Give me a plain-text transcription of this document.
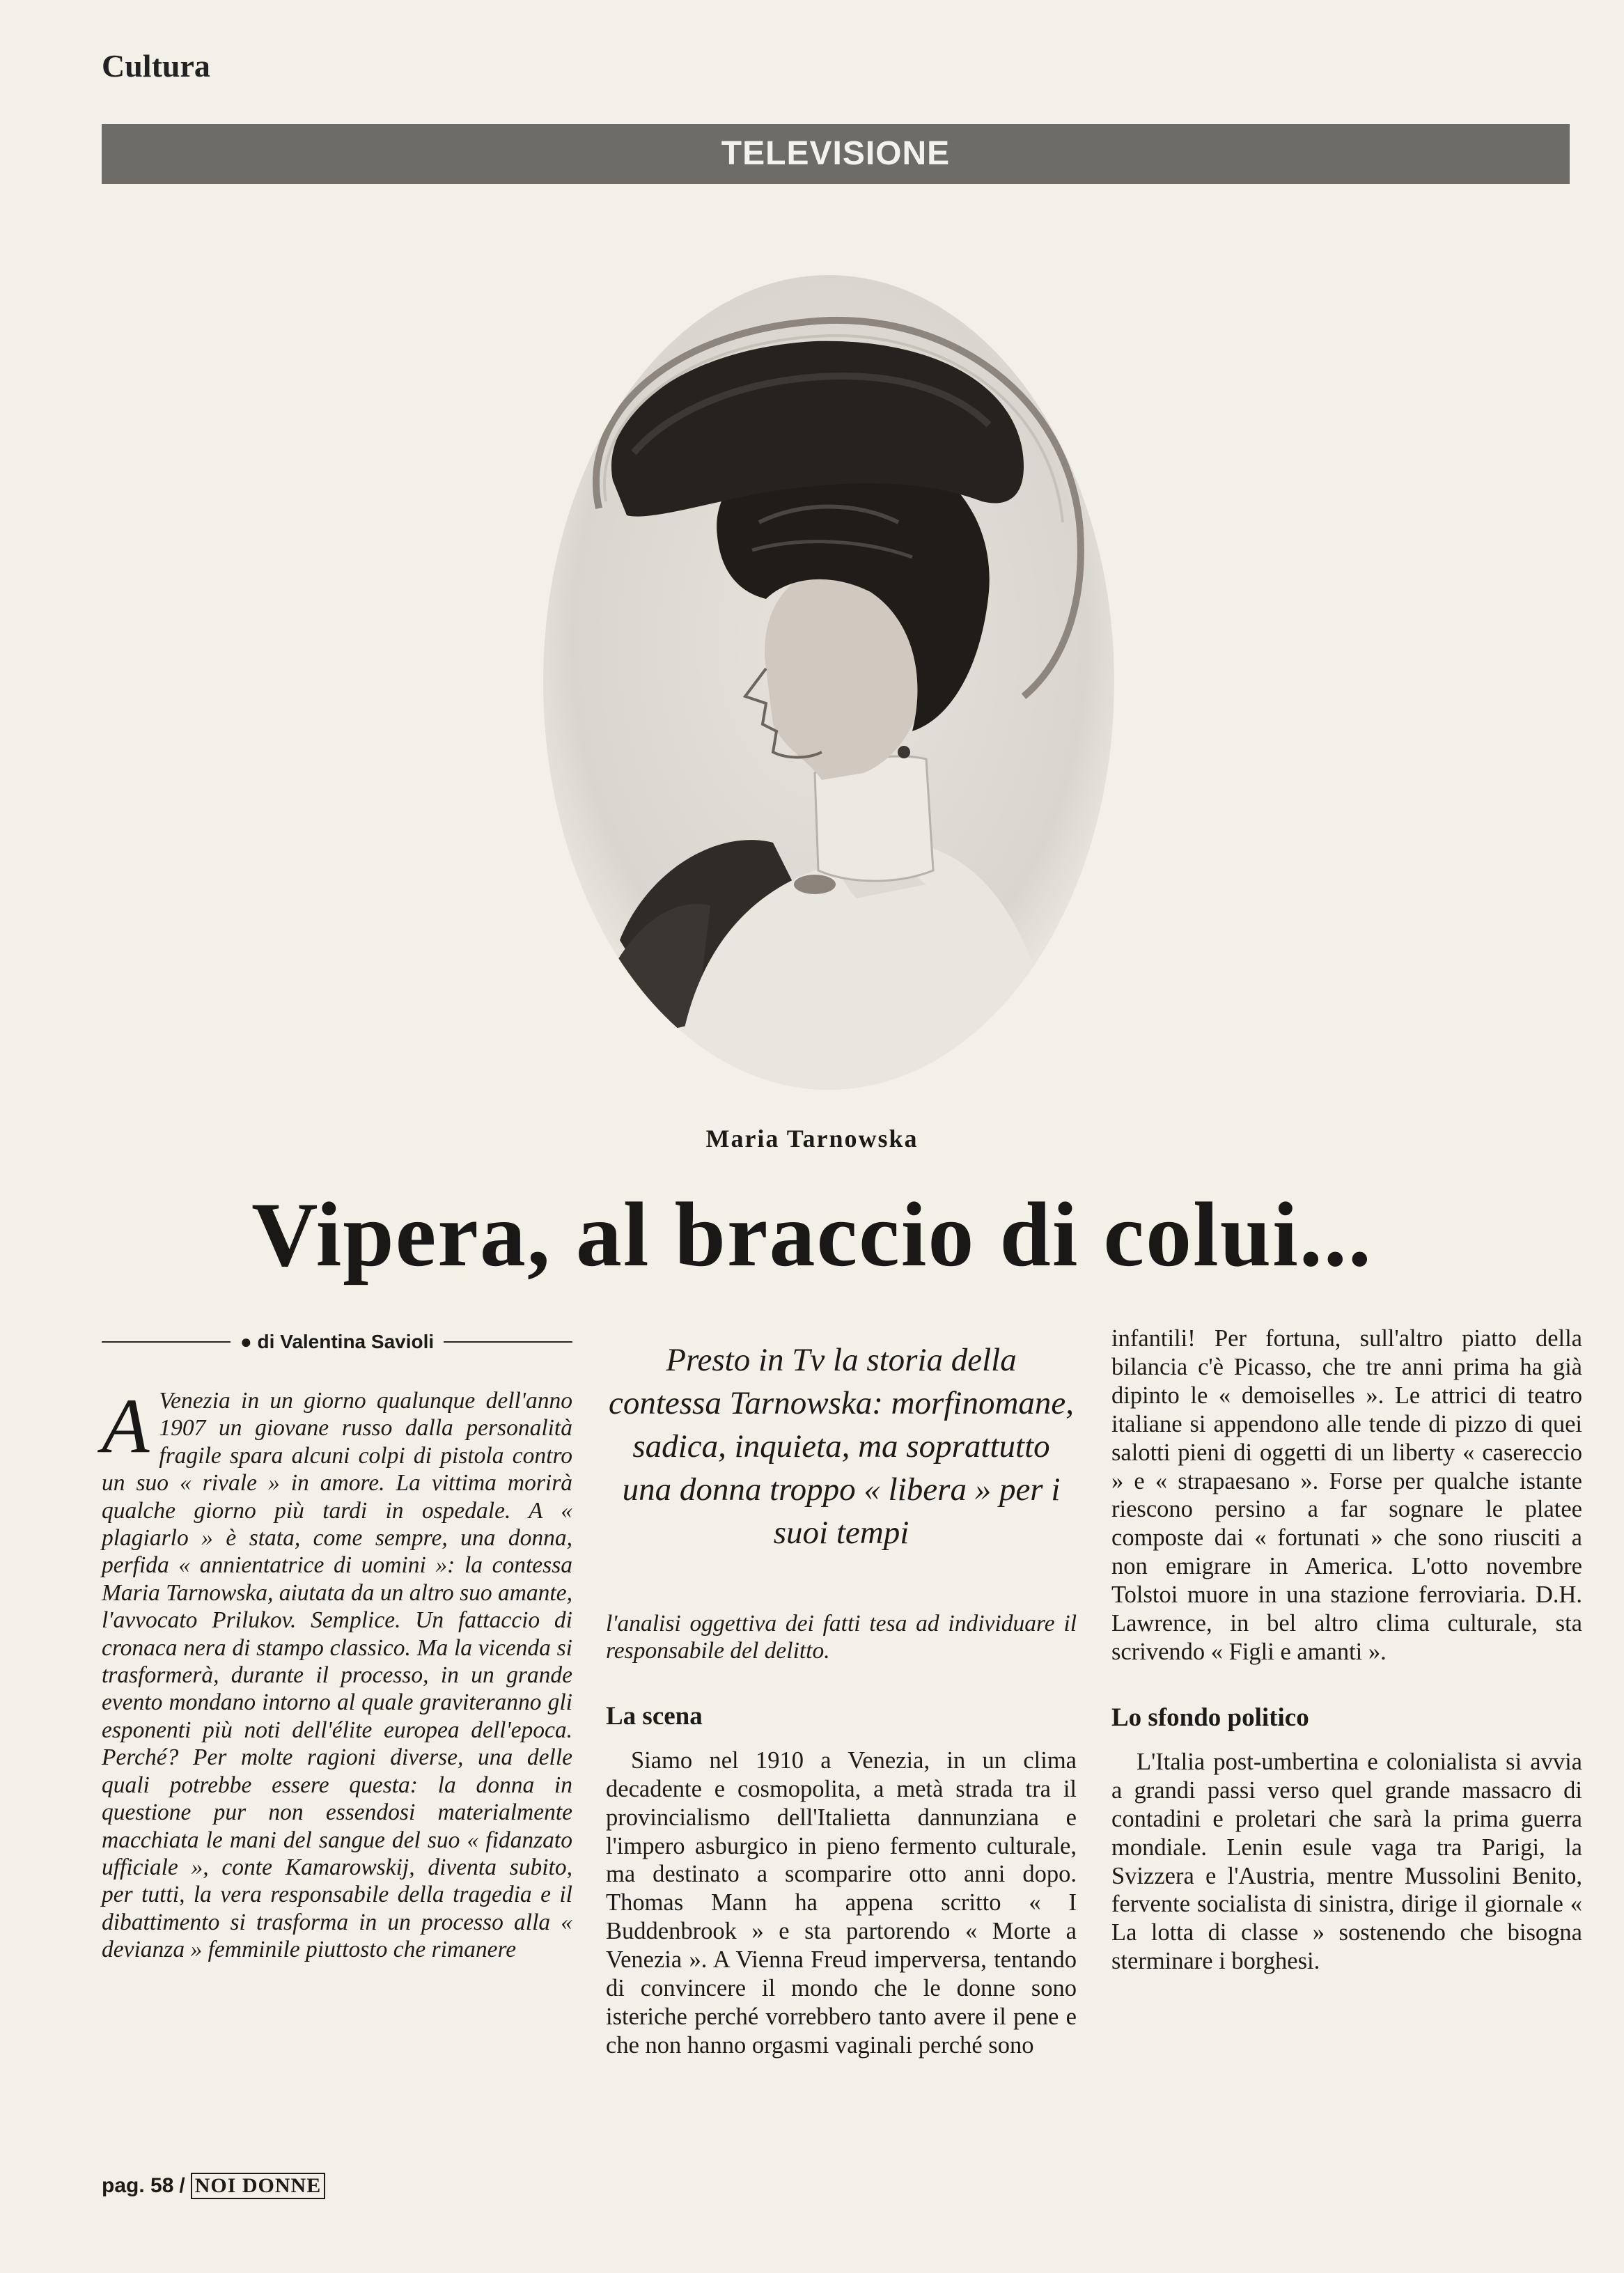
Cultura
TELEVISIONE
Maria Tarnowska
Vipera, al braccio di colui...
● di Valentina Savioli
A Venezia in un giorno qualunque dell'anno 1907 un giovane russo dalla personalità fragile spara alcuni colpi di pistola contro un suo « rivale » in amore. La vittima morirà qualche giorno più tardi in ospedale. A « plagiarlo » è stata, come sempre, una donna, perfida « annientatrice di uomini »: la contessa Maria Tarnowska, aiutata da un altro suo amante, l'avvocato Prilukov. Semplice. Un fattaccio di cronaca nera di stampo classico. Ma la vicenda si trasformerà, durante il processo, in un grande evento mondano intorno al quale graviteranno gli esponenti più noti dell'élite europea dell'epoca. Perché? Per molte ragioni diverse, una delle quali potrebbe essere questa: la donna in questione pur non essendosi materialmente macchiata le mani del sangue del suo « fidanzato ufficiale », conte Kamarowskij, diventa subito, per tutti, la vera responsabile della tragedia e il dibattimento si trasforma in un processo alla « devianza » femminile piuttosto che rimanere
Presto in Tv la storia della contessa Tarnowska: morfinomane, sadica, inquieta, ma soprattutto una donna troppo « libera » per i suoi tempi
l'analisi oggettiva dei fatti tesa ad individuare il responsabile del delitto.
La scena
Siamo nel 1910 a Venezia, in un clima decadente e cosmopolita, a metà strada tra il provincialismo dell'Italietta dannunziana e l'impero asburgico in pieno fermento culturale, ma destinato a scomparire otto anni dopo. Thomas Mann ha appena scritto « I Buddenbrook » e sta partorendo « Morte a Venezia ». A Vienna Freud imperversa, tentando di convincere il mondo che le donne sono isteriche perché vorrebbero tanto avere il pene e che non hanno orgasmi vaginali perché sono
infantili! Per fortuna, sull'altro piatto della bilancia c'è Picasso, che tre anni prima ha già dipinto le « demoiselles ». Le attrici di teatro italiane si appendono alle tende di pizzo di quei salotti pieni di oggetti di un liberty « casereccio » e « strapaesano ». Forse per qualche istante riescono persino a far sognare le platee composte dai « fortunati » che sono riusciti a non emigrare in America. L'otto novembre Tolstoi muore in una stazione ferroviaria. D.H. Lawrence, in bel altro clima culturale, sta scrivendo « Figli e amanti ».
Lo sfondo politico
L'Italia post-umbertina e colonialista si avvia a grandi passi verso quel grande massacro di contadini e proletari che sarà la prima guerra mondiale. Lenin esule vaga tra Parigi, la Svizzera e l'Austria, mentre Mussolini Benito, fervente socialista di sinistra, dirige il giornale « La lotta di classe » sostenendo che bisogna sterminare i borghesi.
pag. 58 / NOI DONNE
